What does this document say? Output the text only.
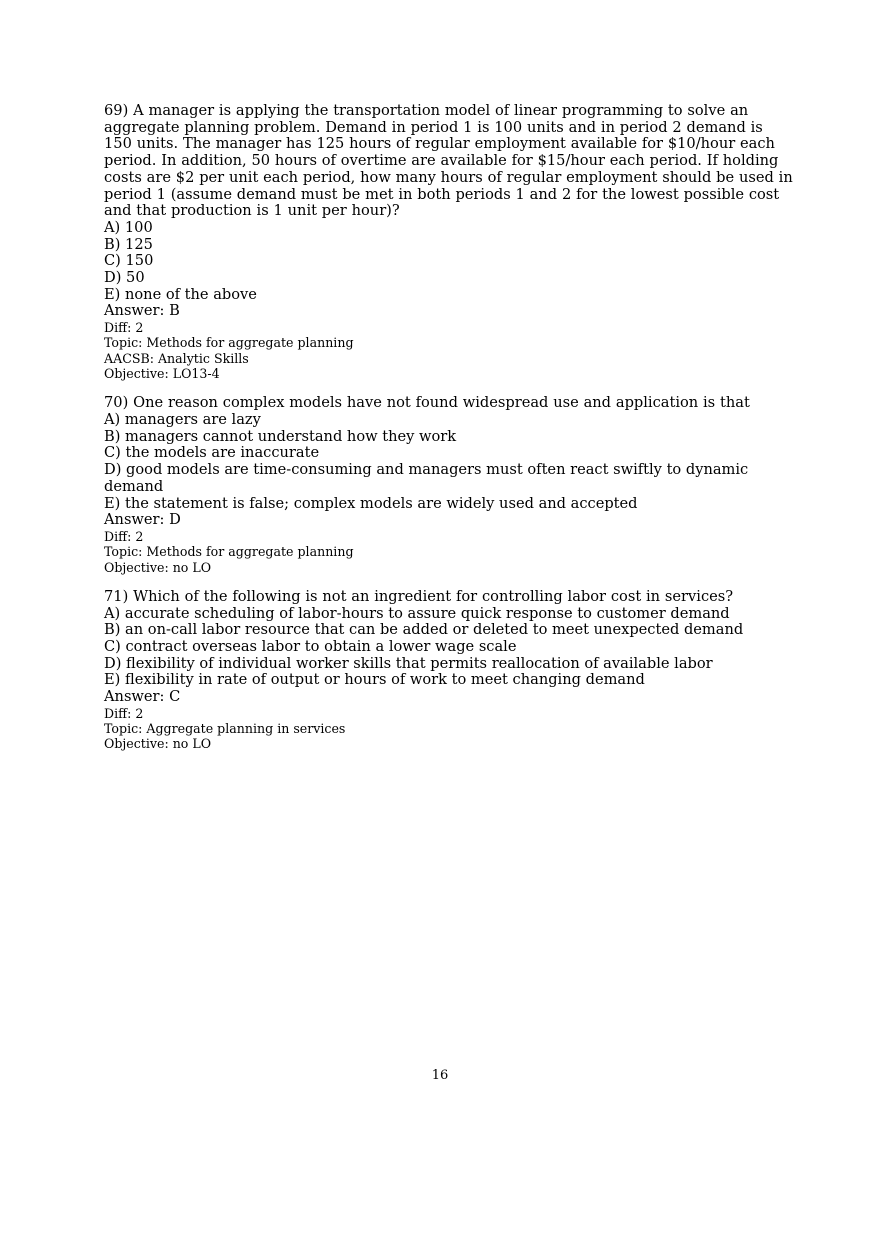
69) A manager is applying the transportation model of linear programming to solve an aggregate planning problem. Demand in period 1 is 100 units and in period 2 demand is 150 units. The manager has 125 hours of regular employment available for $10/hour each period. In addition, 50 hours of overtime are available for $15/hour each period. If holding costs are $2 per unit each period, how many hours of regular employment should be used in period 1 (assume demand must be met in both periods 1 and 2 for the lowest possible cost and that production is 1 unit per hour)?
A) 100
B) 125
C) 150
D) 50
E) none of the above
Answer: B
Diff: 2
Topic: Methods for aggregate planning
AACSB: Analytic Skills
Objective: LO13-4
70) One reason complex models have not found widespread use and application is that
A) managers are lazy
B) managers cannot understand how they work
C) the models are inaccurate
D) good models are time-consuming and managers must often react swiftly to dynamic demand
E) the statement is false; complex models are widely used and accepted
Answer: D
Diff: 2
Topic: Methods for aggregate planning
Objective: no LO
71) Which of the following is not an ingredient for controlling labor cost in services?
A) accurate scheduling of labor-hours to assure quick response to customer demand
B) an on-call labor resource that can be added or deleted to meet unexpected demand
C) contract overseas labor to obtain a lower wage scale
D) flexibility of individual worker skills that permits reallocation of available labor
E) flexibility in rate of output or hours of work to meet changing demand
Answer: C
Diff: 2
Topic: Aggregate planning in services
Objective: no LO
16
